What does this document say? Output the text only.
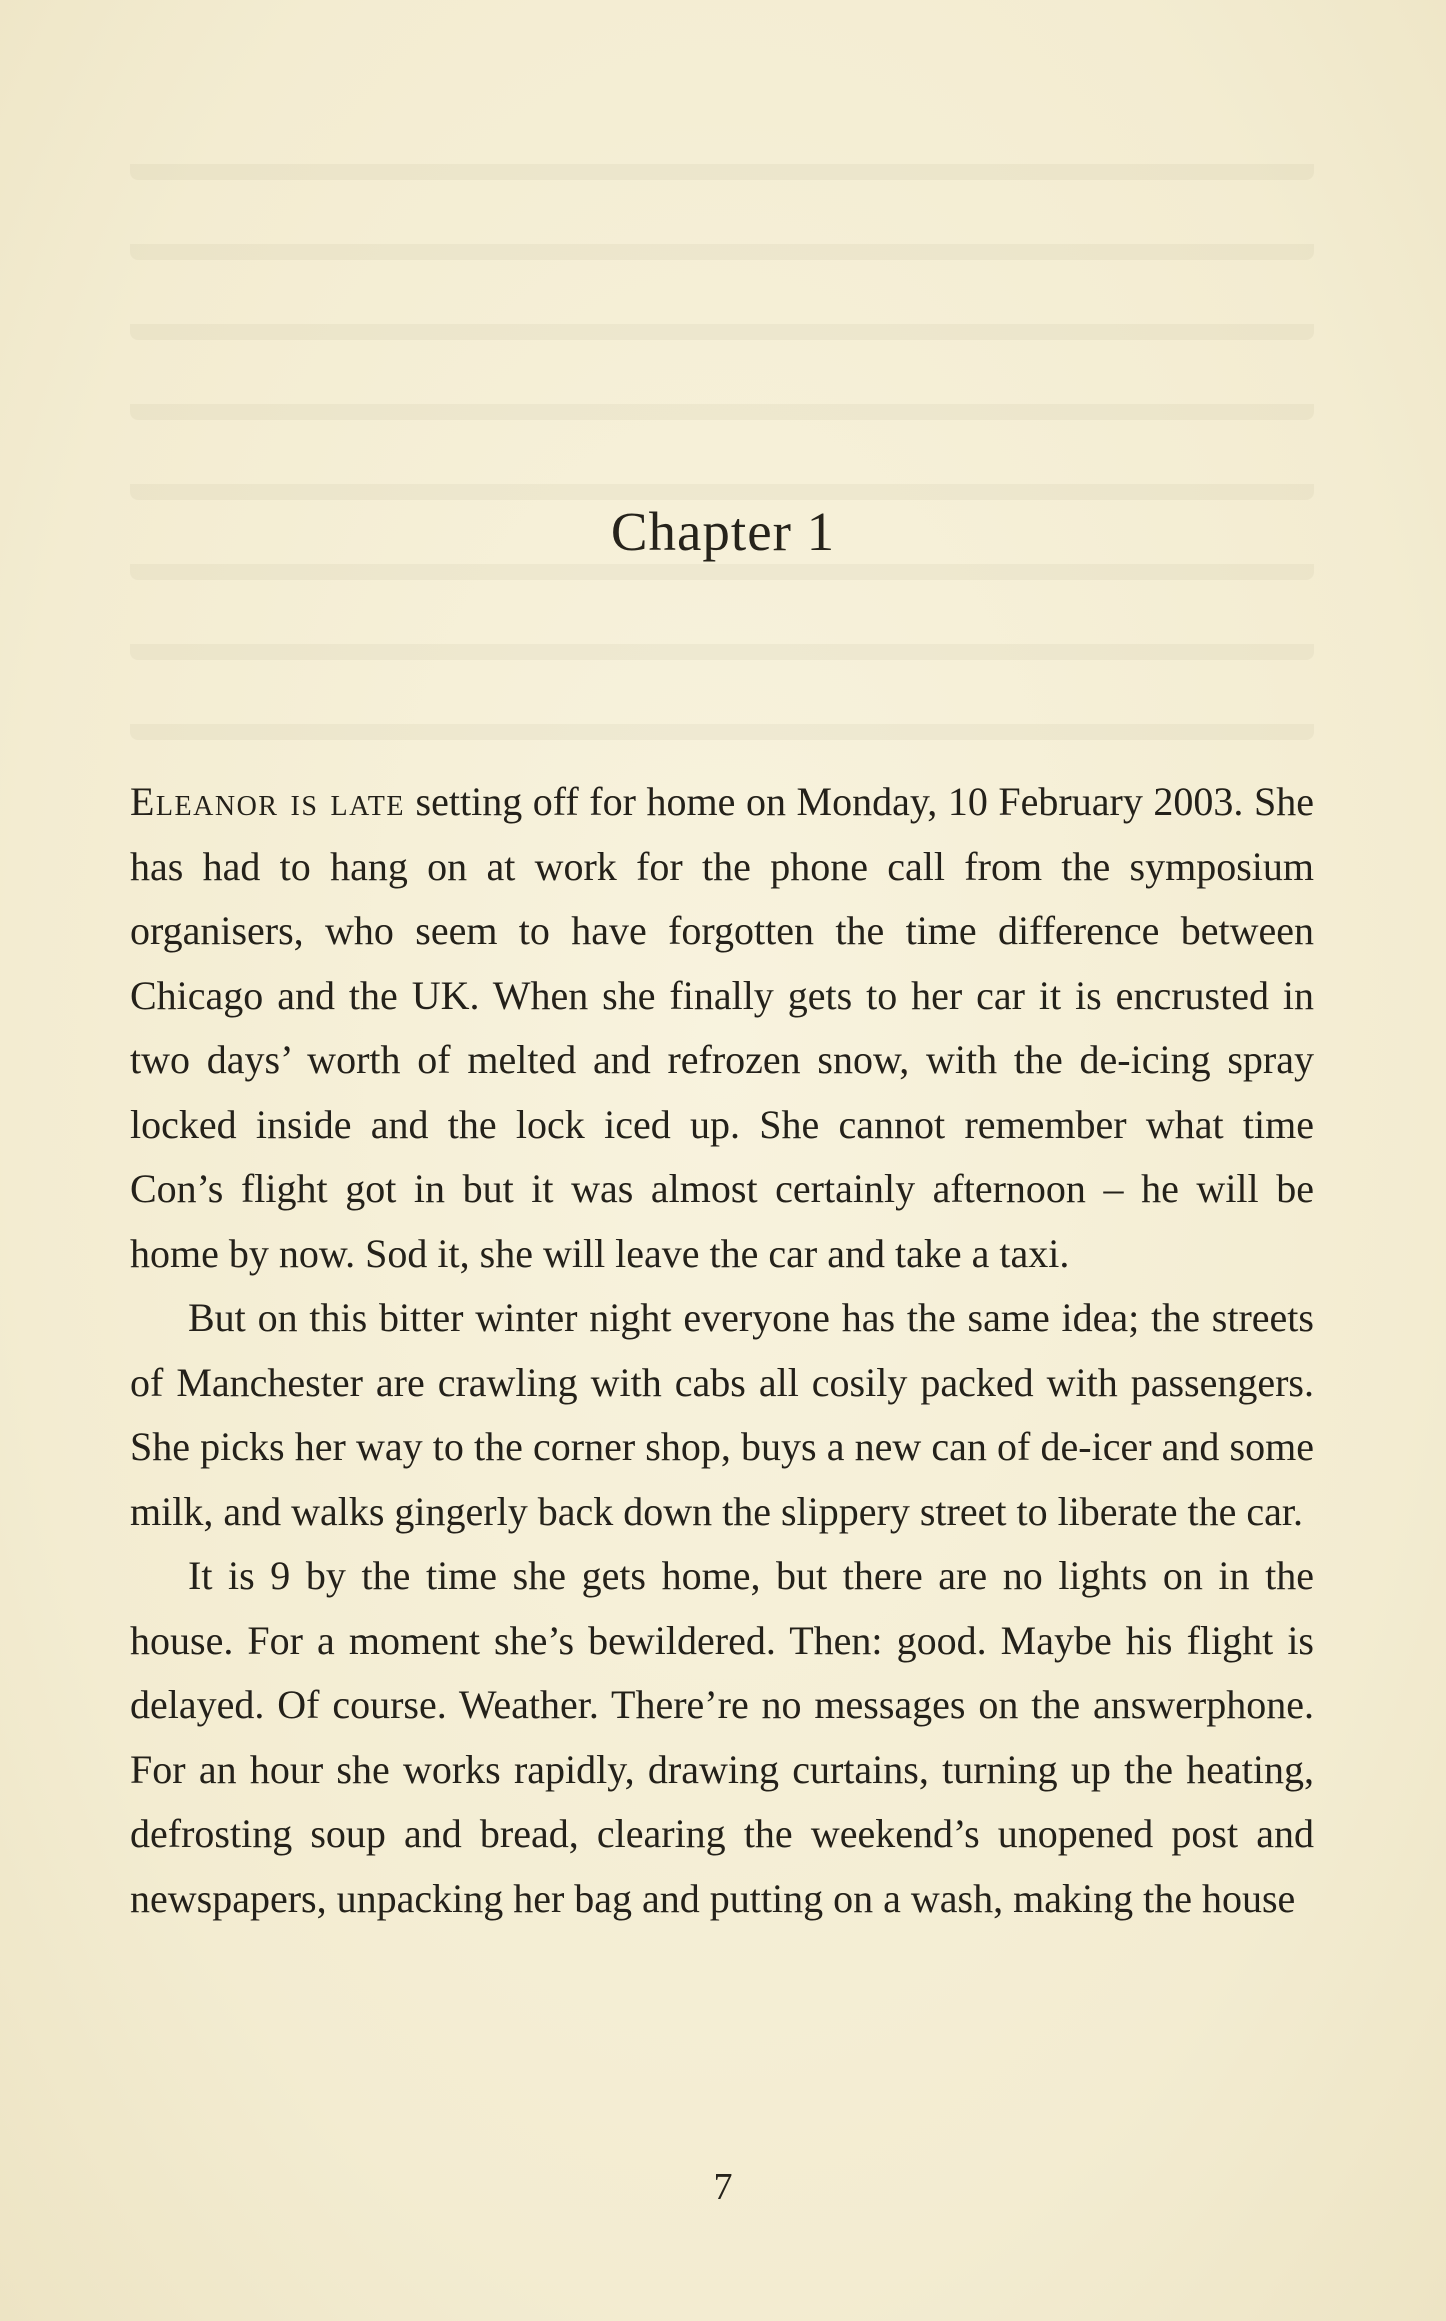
Chapter 1

Eleanor is late setting off for home on Monday, 10 February 2003. She has had to hang on at work for the phone call from the symposium organisers, who seem to have forgotten the time difference between Chicago and the UK. When she finally gets to her car it is encrusted in two days’ worth of melted and refrozen snow, with the de-icing spray locked inside and the lock iced up. She cannot remember what time Con’s flight got in but it was almost certainly afternoon – he will be home by now. Sod it, she will leave the car and take a taxi.

But on this bitter winter night everyone has the same idea; the streets of Manchester are crawling with cabs all cosily packed with passengers. She picks her way to the corner shop, buys a new can of de-icer and some milk, and walks gingerly back down the slippery street to liberate the car.

It is 9 by the time she gets home, but there are no lights on in the house. For a moment she’s bewildered. Then: good. Maybe his flight is delayed. Of course. Weather. There’re no messages on the answerphone. For an hour she works rapidly, drawing curtains, turning up the heating, defrosting soup and bread, clearing the weekend’s unopened post and newspapers, unpacking her bag and putting on a wash, making the house

7
